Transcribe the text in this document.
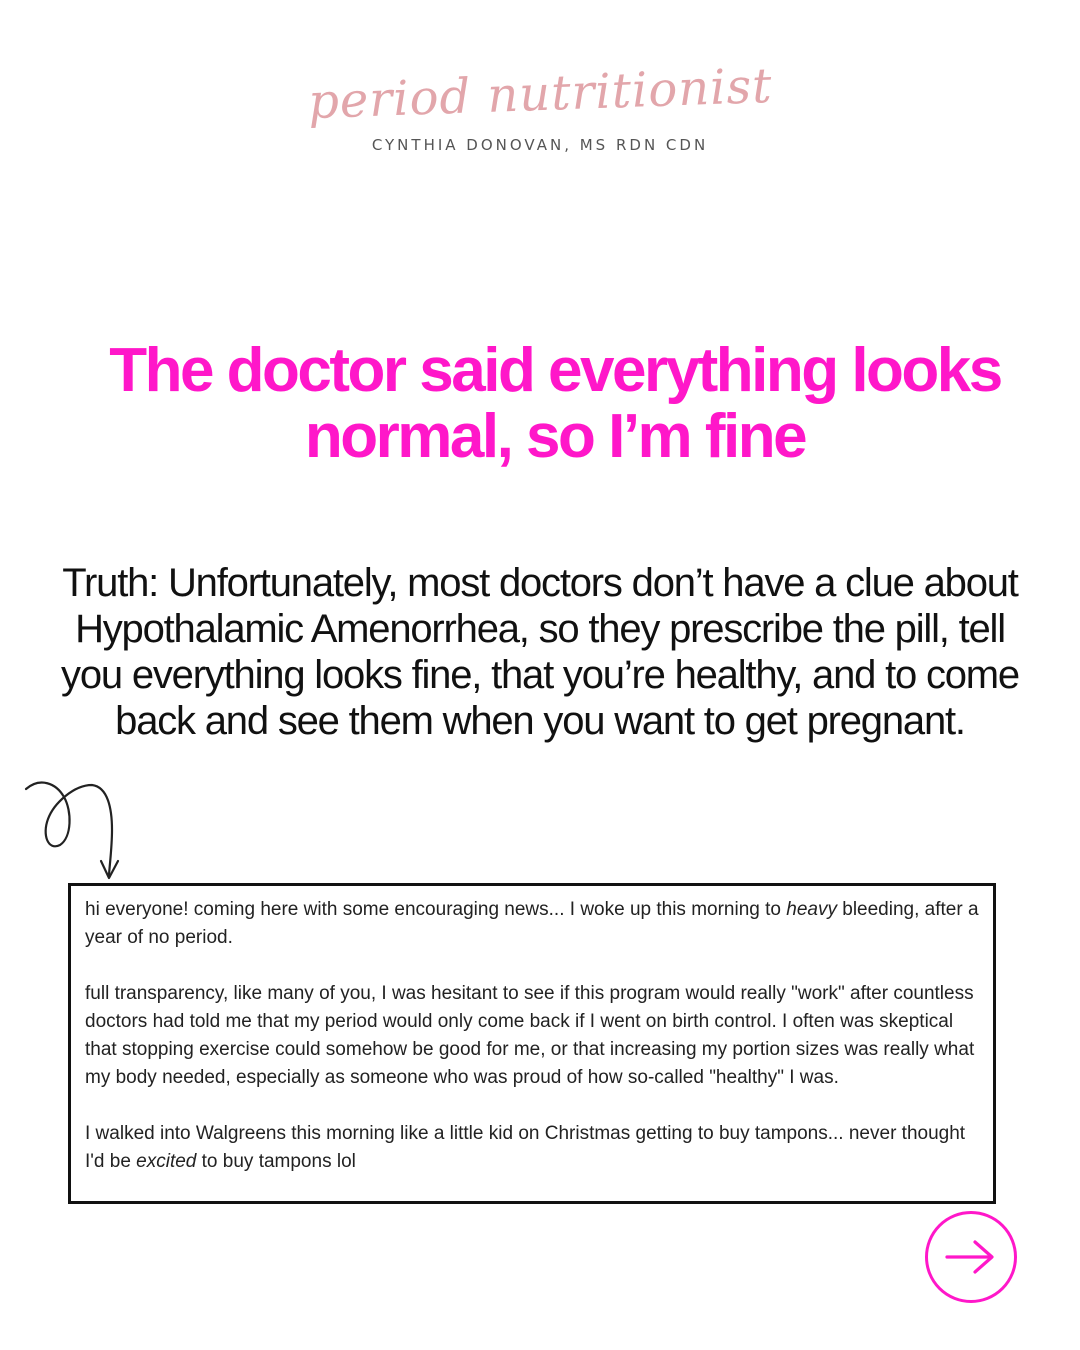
period nutritionist
CYNTHIA DONOVAN, MS RDN CDN
The doctor said everything looks normal, so I’m fine

Truth: Unfortunately, most doctors don’t have a clue about Hypothalamic Amenorrhea, so they prescribe the pill, tell you everything looks fine, that you’re healthy, and to come back and see them when you want to get pregnant.

hi everyone! coming here with some encouraging news... I woke up this morning to heavy bleeding, after a year of no period.

full transparency, like many of you, I was hesitant to see if this program would really "work" after countless doctors had told me that my period would only come back if I went on birth control. I often was skeptical that stopping exercise could somehow be good for me, or that increasing my portion sizes was really what my body needed, especially as someone who was proud of how so-called "healthy" I was.

I walked into Walgreens this morning like a little kid on Christmas getting to buy tampons... never thought I'd be excited to buy tampons lol
